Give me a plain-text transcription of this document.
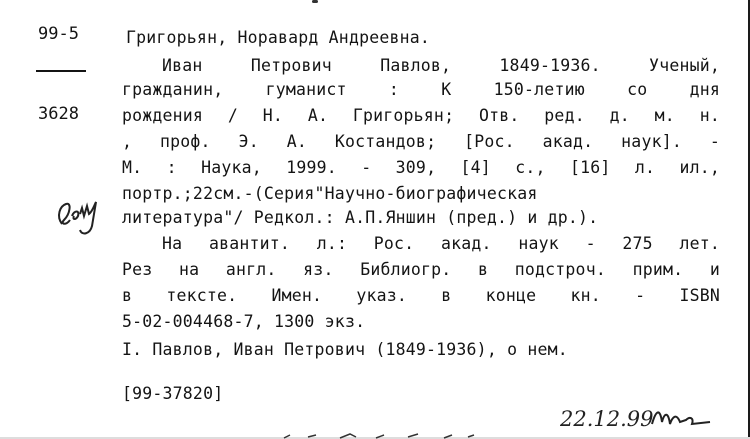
99-5
3628
Григорьян, Норавард Андреевна.
Иван Петрович Павлов, 1849-1936. Ученый,
гражданин, гуманист : К 150-летию со дня
рождения / Н. А. Григорьян; Отв. ред. д. м. н.
, проф. Э. А. Костандов; [Рос. акад. наук]. -
М. : Наука, 1999. - 309, [4] с., [16] л. ил.,
портр.;22см.-(Серия"Научно-биографическая
литература"/ Редкол.: А.П.Яншин (пред.) и др.).
На авантит. л.: Рос. акад. наук - 275 лет.
Рез на англ. яз. Библиогр. в подстроч. прим. и
в тексте. Имен. указ. в конце кн. - ISBN
5-02-004468-7, 1300 экз.
I. Павлов, Иван Петрович (1849-1936), о нем.
[99-37820]
22.12.99
